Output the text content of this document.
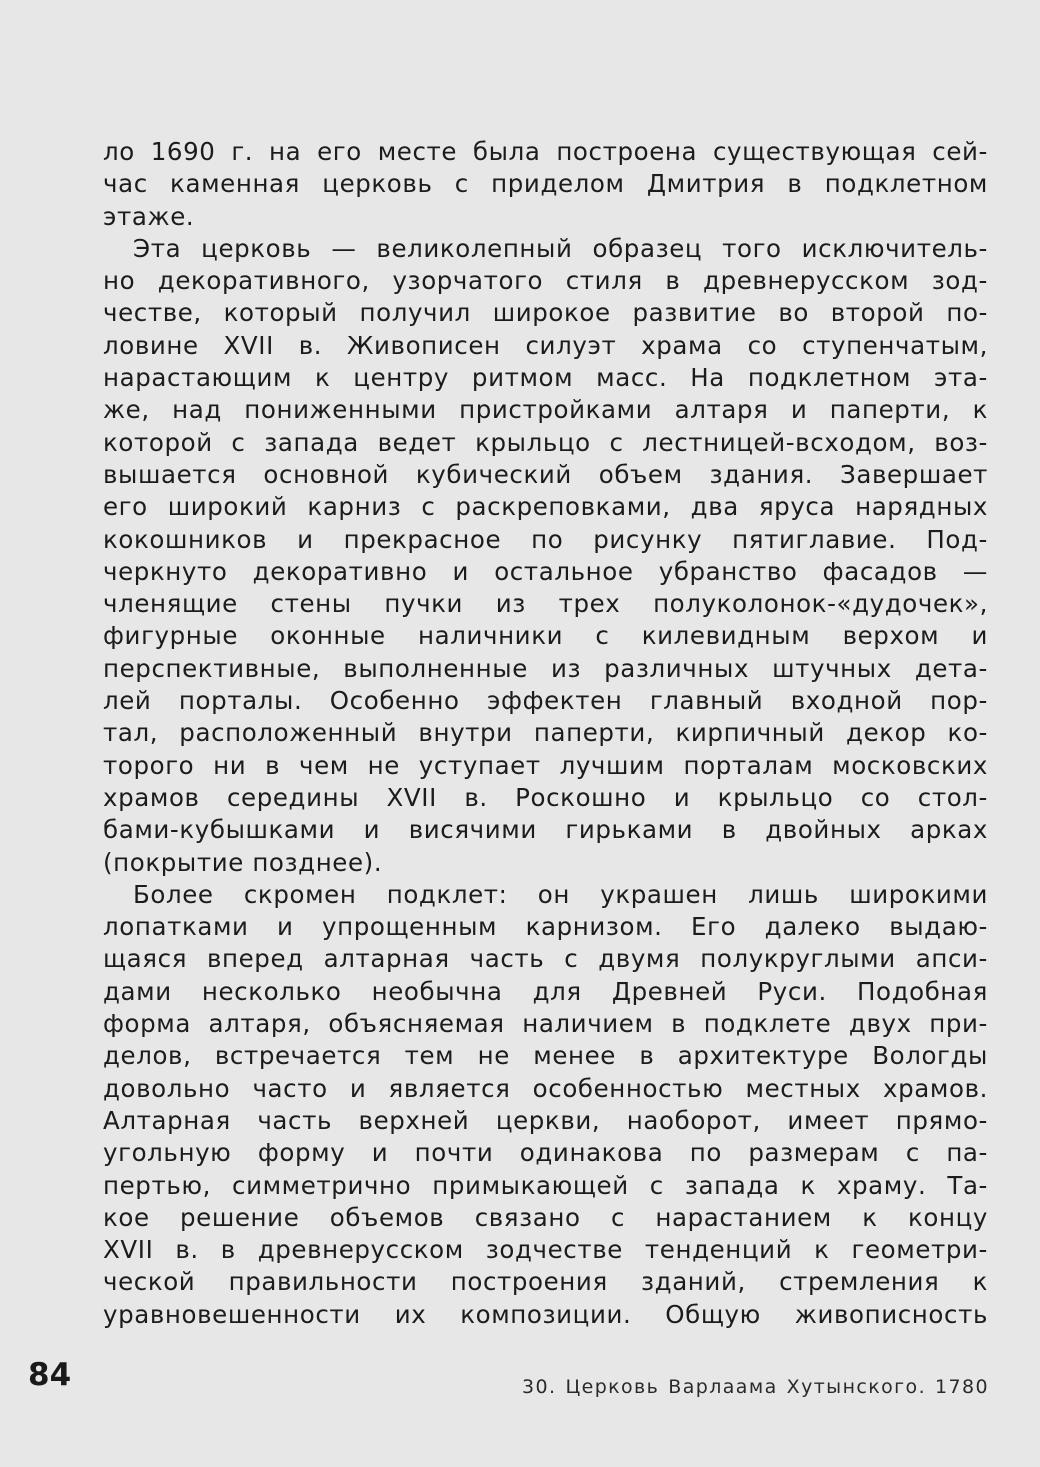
ло 1690 г. на его месте была построена существующая сей-
час каменная церковь с приделом Дмитрия в подклетном
этаже.
Эта церковь — великолепный образец того исключитель-
но декоративного, узорчатого стиля в древнерусском зод-
честве, который получил широкое развитие во второй по-
ловине XVII в. Живописен силуэт храма со ступенчатым,
нарастающим к центру ритмом масс. На подклетном эта-
же, над пониженными пристройками алтаря и паперти, к
которой с запада ведет крыльцо с лестницей-всходом, воз-
вышается основной кубический объем здания. Завершает
его широкий карниз с раскреповками, два яруса нарядных
кокошников и прекрасное по рисунку пятиглавие. Под-
черкнуто декоративно и остальное убранство фасадов —
членящие стены пучки из трех полуколонок-«дудочек»,
фигурные оконные наличники с килевидным верхом и
перспективные, выполненные из различных штучных дета-
лей порталы. Особенно эффектен главный входной пор-
тал, расположенный внутри паперти, кирпичный декор ко-
торого ни в чем не уступает лучшим порталам московских
храмов середины XVII в. Роскошно и крыльцо со стол-
бами-кубышками и висячими гирьками в двойных арках
(покрытие позднее).
Более скромен подклет: он украшен лишь широкими
лопатками и упрощенным карнизом. Его далеко выдаю-
щаяся вперед алтарная часть с двумя полукруглыми апси-
дами несколько необычна для Древней Руси. Подобная
форма алтаря, объясняемая наличием в подклете двух при-
делов, встречается тем не менее в архитектуре Вологды
довольно часто и является особенностью местных храмов.
Алтарная часть верхней церкви, наоборот, имеет прямо-
угольную форму и почти одинакова по размерам с па-
пертью, симметрично примыкающей с запада к храму. Та-
кое решение объемов связано с нарастанием к концу
XVII в. в древнерусском зодчестве тенденций к геометри-
ческой правильности построения зданий, стремления к
уравновешенности их композиции. Общую живописность
84	30. Церковь Варлаама Хутынского. 1780
